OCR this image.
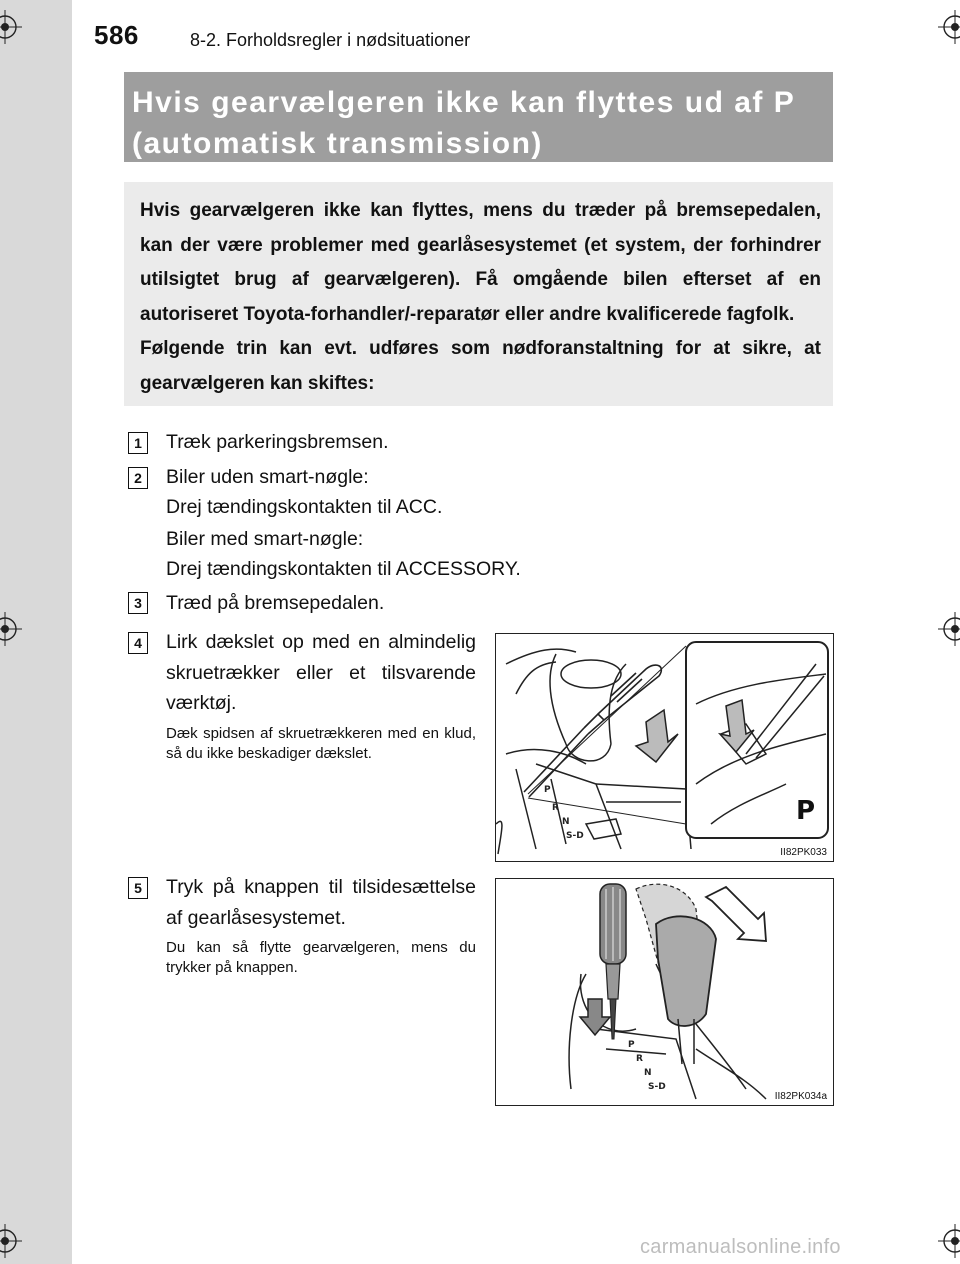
586	8-2. Forholdsregler i nødsituationer
Hvis gearvælgeren ikke kan flyttes ud af P
(automatisk transmission)

Hvis gearvælgeren ikke kan flyttes, mens du træder på bremsepedalen, kan der være problemer med gearlåsesystemet (et system, der forhindrer utilsigtet brug af gearvælgeren). Få omgående bilen efterset af en autoriseret Toyota-forhandler/-reparatør eller andre kvalificerede fagfolk.

Følgende trin kan evt. udføres som nødforanstaltning for at sikre, at gearvælgeren kan skiftes:

1	Træk parkeringsbremsen.
2	Biler uden smart-nøgle:
Drej tændingskontakten til ACC.
Biler med smart-nøgle:
Drej tændingskontakten til ACCESSORY.
3	Træd på bremsepedalen.
4	Lirk dækslet op med en almindelig skruetrækker eller et tilsvarende værktøj.
Dæk spidsen af skruetrækkeren med en klud, så du ikke beskadiger dækslet.
P
R
N
S-D
P
II82PK033
5	Tryk på knappen til tilsidesættelse af gearlåsesystemet.
Du kan så flytte gearvælgeren, mens du trykker på knappen.
P
R
N
S-D
II82PK034a
carmanualsonline.info
